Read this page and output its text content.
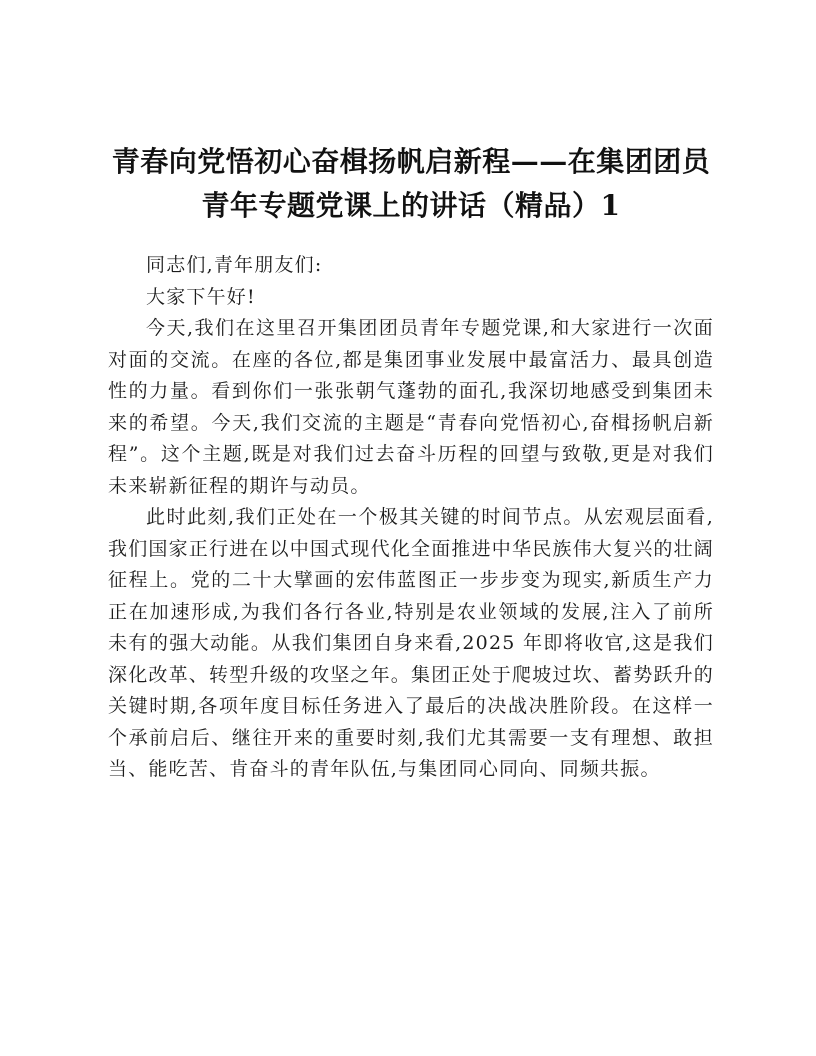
青春向党悟初心奋楫扬帆启新程——在集团团员青年专题党课上的讲话（精品）1

同志们,青年朋友们:

大家下午好!

今天,我们在这里召开集团团员青年专题党课,和大家进行一次面对面的交流。在座的各位,都是集团事业发展中最富活力、最具创造性的力量。看到你们一张张朝气蓬勃的面孔,我深切地感受到集团未来的希望。今天,我们交流的主题是“青春向党悟初心,奋楫扬帆启新程”。这个主题,既是对我们过去奋斗历程的回望与致敬,更是对我们未来崭新征程的期许与动员。

此时此刻,我们正处在一个极其关键的时间节点。从宏观层面看,我们国家正行进在以中国式现代化全面推进中华民族伟大复兴的壮阔征程上。党的二十大擘画的宏伟蓝图正一步步变为现实,新质生产力正在加速形成,为我们各行各业,特别是农业领域的发展,注入了前所未有的强大动能。从我们集团自身来看,2025 年即将收官,这是我们深化改革、转型升级的攻坚之年。集团正处于爬坡过坎、蓄势跃升的关键时期,各项年度目标任务进入了最后的决战决胜阶段。在这样一个承前启后、继往开来的重要时刻,我们尤其需要一支有理想、敢担当、能吃苦、肯奋斗的青年队伍,与集团同心同向、同频共振。
